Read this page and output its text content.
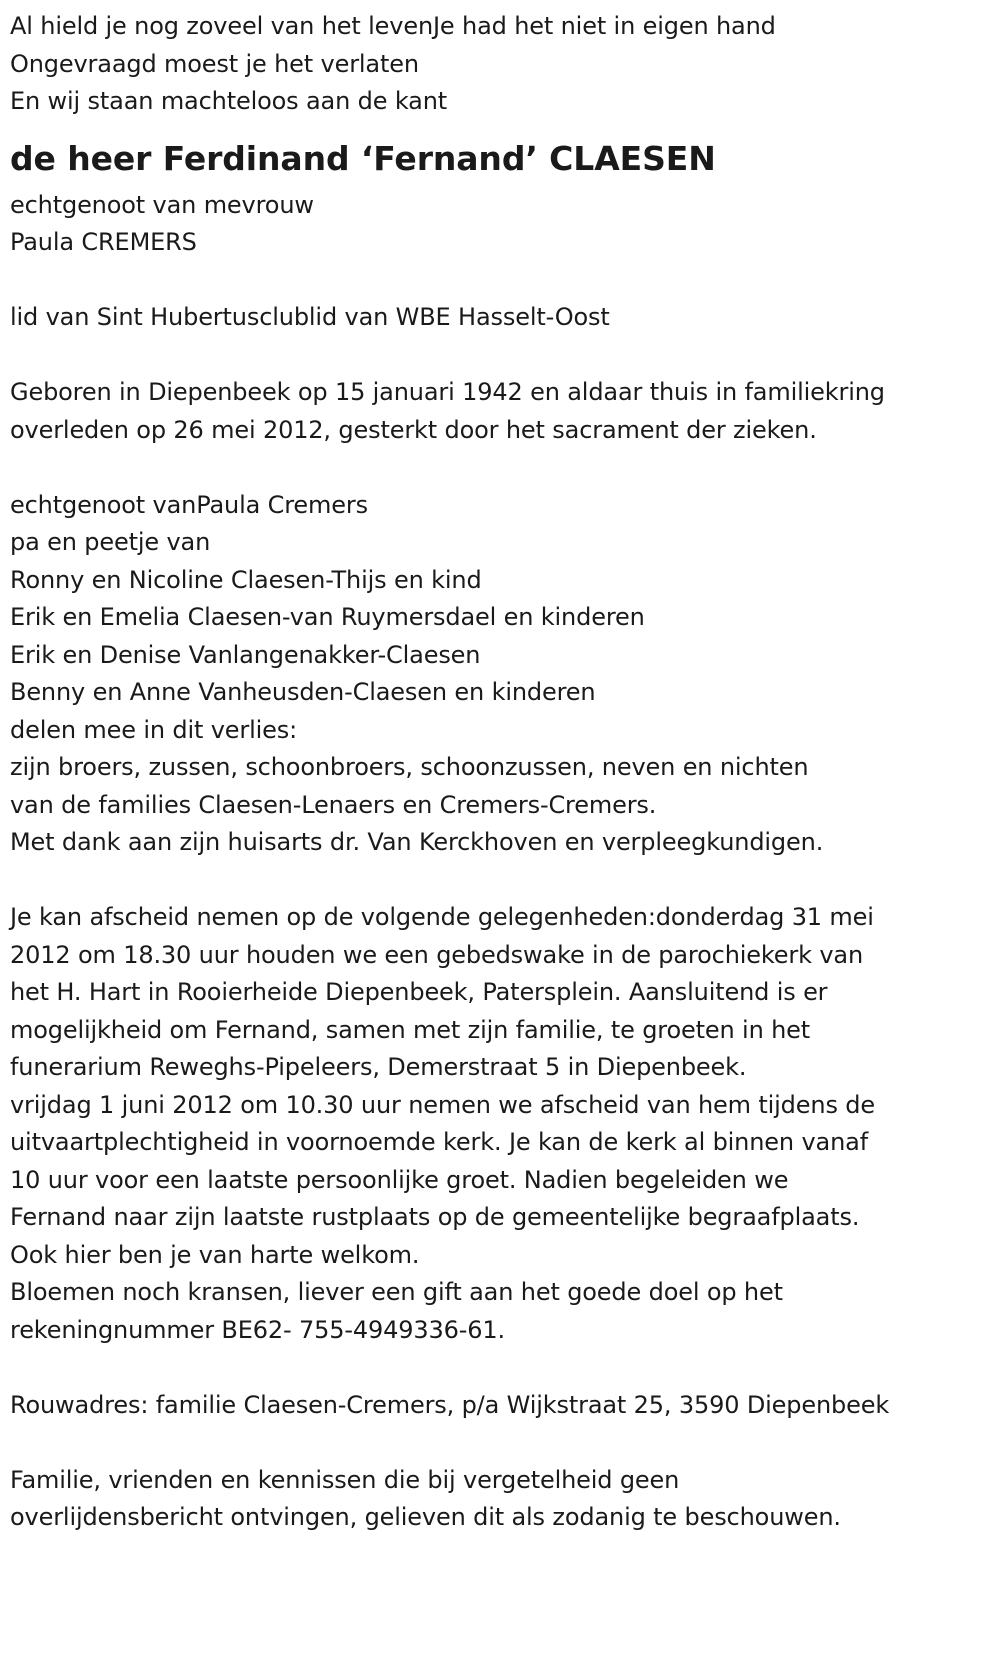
Al hield je nog zoveel van het levenJe had het niet in eigen hand

Ongevraagd moest je het verlaten

En wij staan machteloos aan de kant

de heer Ferdinand ‘Fernand’ CLAESEN

echtgenoot van mevrouw

Paula CREMERS

lid van Sint Hubertusclublid van WBE Hasselt-Oost

Geboren in Diepenbeek op 15 januari 1942 en aldaar thuis in familiekring

overleden op 26 mei 2012, gesterkt door het sacrament der zieken.

echtgenoot vanPaula Cremers

pa en peetje van

Ronny en Nicoline Claesen-Thijs en kind

Erik en Emelia Claesen-van Ruymersdael en kinderen

Erik en Denise Vanlangenakker-Claesen

Benny en Anne Vanheusden-Claesen en kinderen

delen mee in dit verlies:

zijn broers, zussen, schoonbroers, schoonzussen, neven en nichten

van de families Claesen-Lenaers en Cremers-Cremers.

Met dank aan zijn huisarts dr. Van Kerckhoven en verpleegkundigen.

Je kan afscheid nemen op de volgende gelegenheden:donderdag 31 mei

2012 om 18.30 uur houden we een gebedswake in de parochiekerk van

het H. Hart in Rooierheide Diepenbeek, Patersplein. Aansluitend is er

mogelijkheid om Fernand, samen met zijn familie, te groeten in het

funerarium Reweghs-Pipeleers, Demerstraat 5 in Diepenbeek.

vrijdag 1 juni 2012 om 10.30 uur nemen we afscheid van hem tijdens de

uitvaartplechtigheid in voornoemde kerk. Je kan de kerk al binnen vanaf

10 uur voor een laatste persoonlijke groet. Nadien begeleiden we

Fernand naar zijn laatste rustplaats op de gemeentelijke begraafplaats.

Ook hier ben je van harte welkom.

Bloemen noch kransen, liever een gift aan het goede doel op het

rekeningnummer BE62- 755-4949336-61.

Rouwadres: familie Claesen-Cremers, p/a Wijkstraat 25, 3590 Diepenbeek

Familie, vrienden en kennissen die bij vergetelheid geen

overlijdensbericht ontvingen, gelieven dit als zodanig te beschouwen.
